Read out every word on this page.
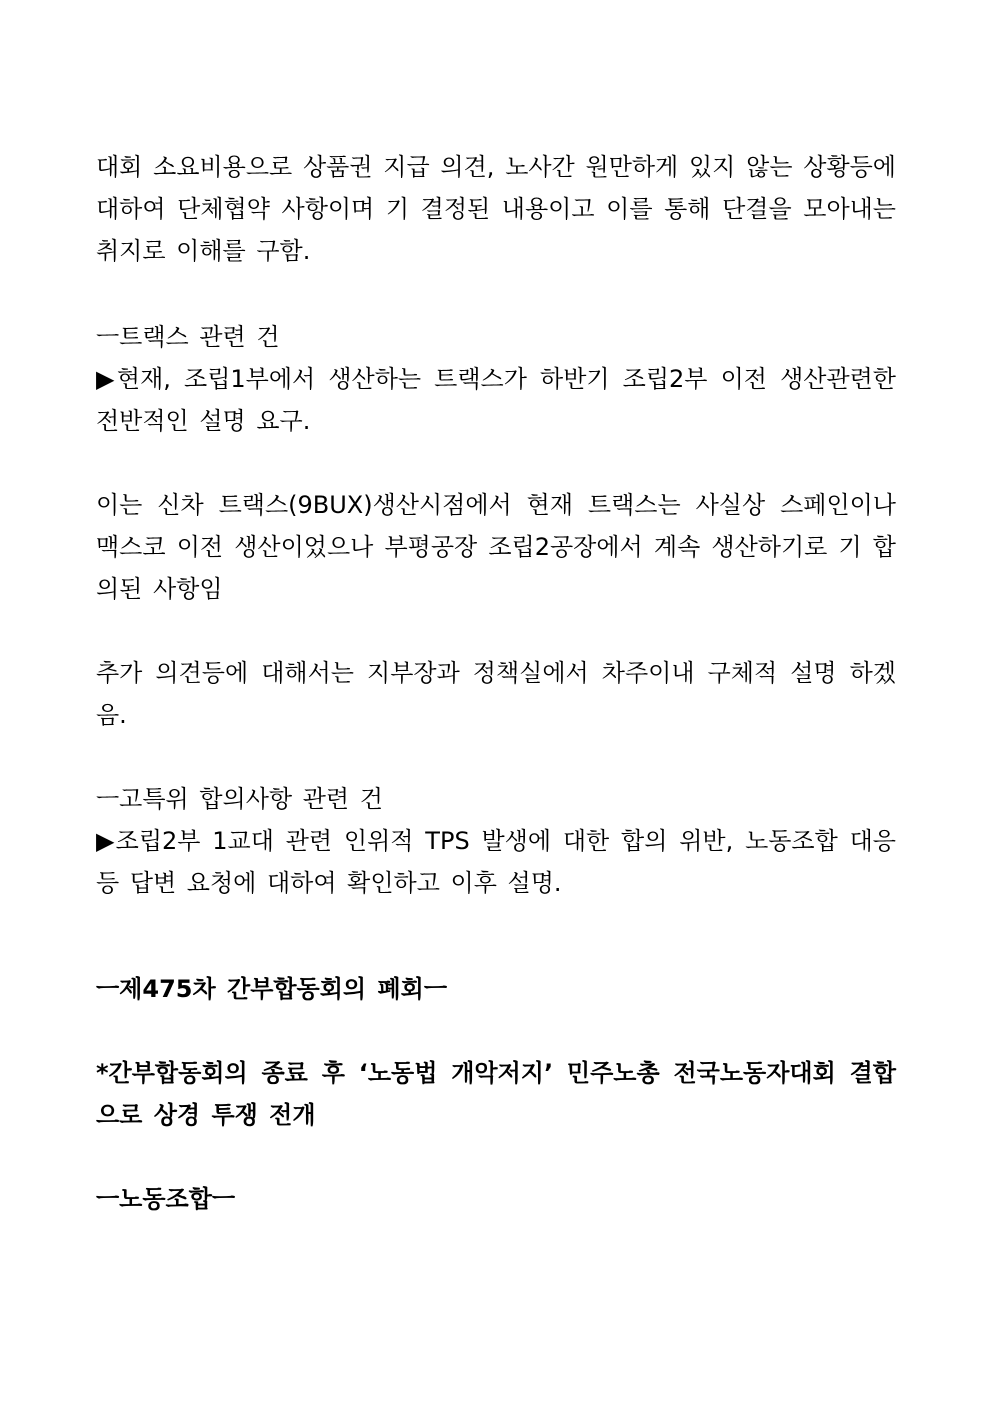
대회 소요비용으로 상품권 지급 의견, 노사간 원만하게 있지 않는 상황등에 대하여 단체협약 사항이며 기 결정된 내용이고 이를 통해 단결을 모아내는 취지로 이해를 구함.

ㅡ트랙스 관련 건

▶현재, 조립1부에서 생산하는 트랙스가 하반기 조립2부 이전 생산관련한 전반적인 설명 요구.

이는 신차 트랙스(9BUX)생산시점에서 현재 트랙스는 사실상 스페인이나 맥스코 이전 생산이었으나 부평공장 조립2공장에서 계속 생산하기로 기 합의된 사항임

추가 의견등에 대해서는 지부장과 정책실에서 차주이내 구체적 설명 하겠음.

ㅡ고특위 합의사항 관련 건

▶조립2부 1교대 관련 인위적 TPS 발생에 대한 합의 위반, 노동조합 대응 등 답변 요청에 대하여 확인하고 이후 설명.

ㅡ제475차 간부합동회의 폐회ㅡ

*간부합동회의 종료 후 ‘노동법 개악저지’ 민주노총 전국노동자대회 결합으로 상경 투쟁 전개

ㅡ노동조합ㅡ
